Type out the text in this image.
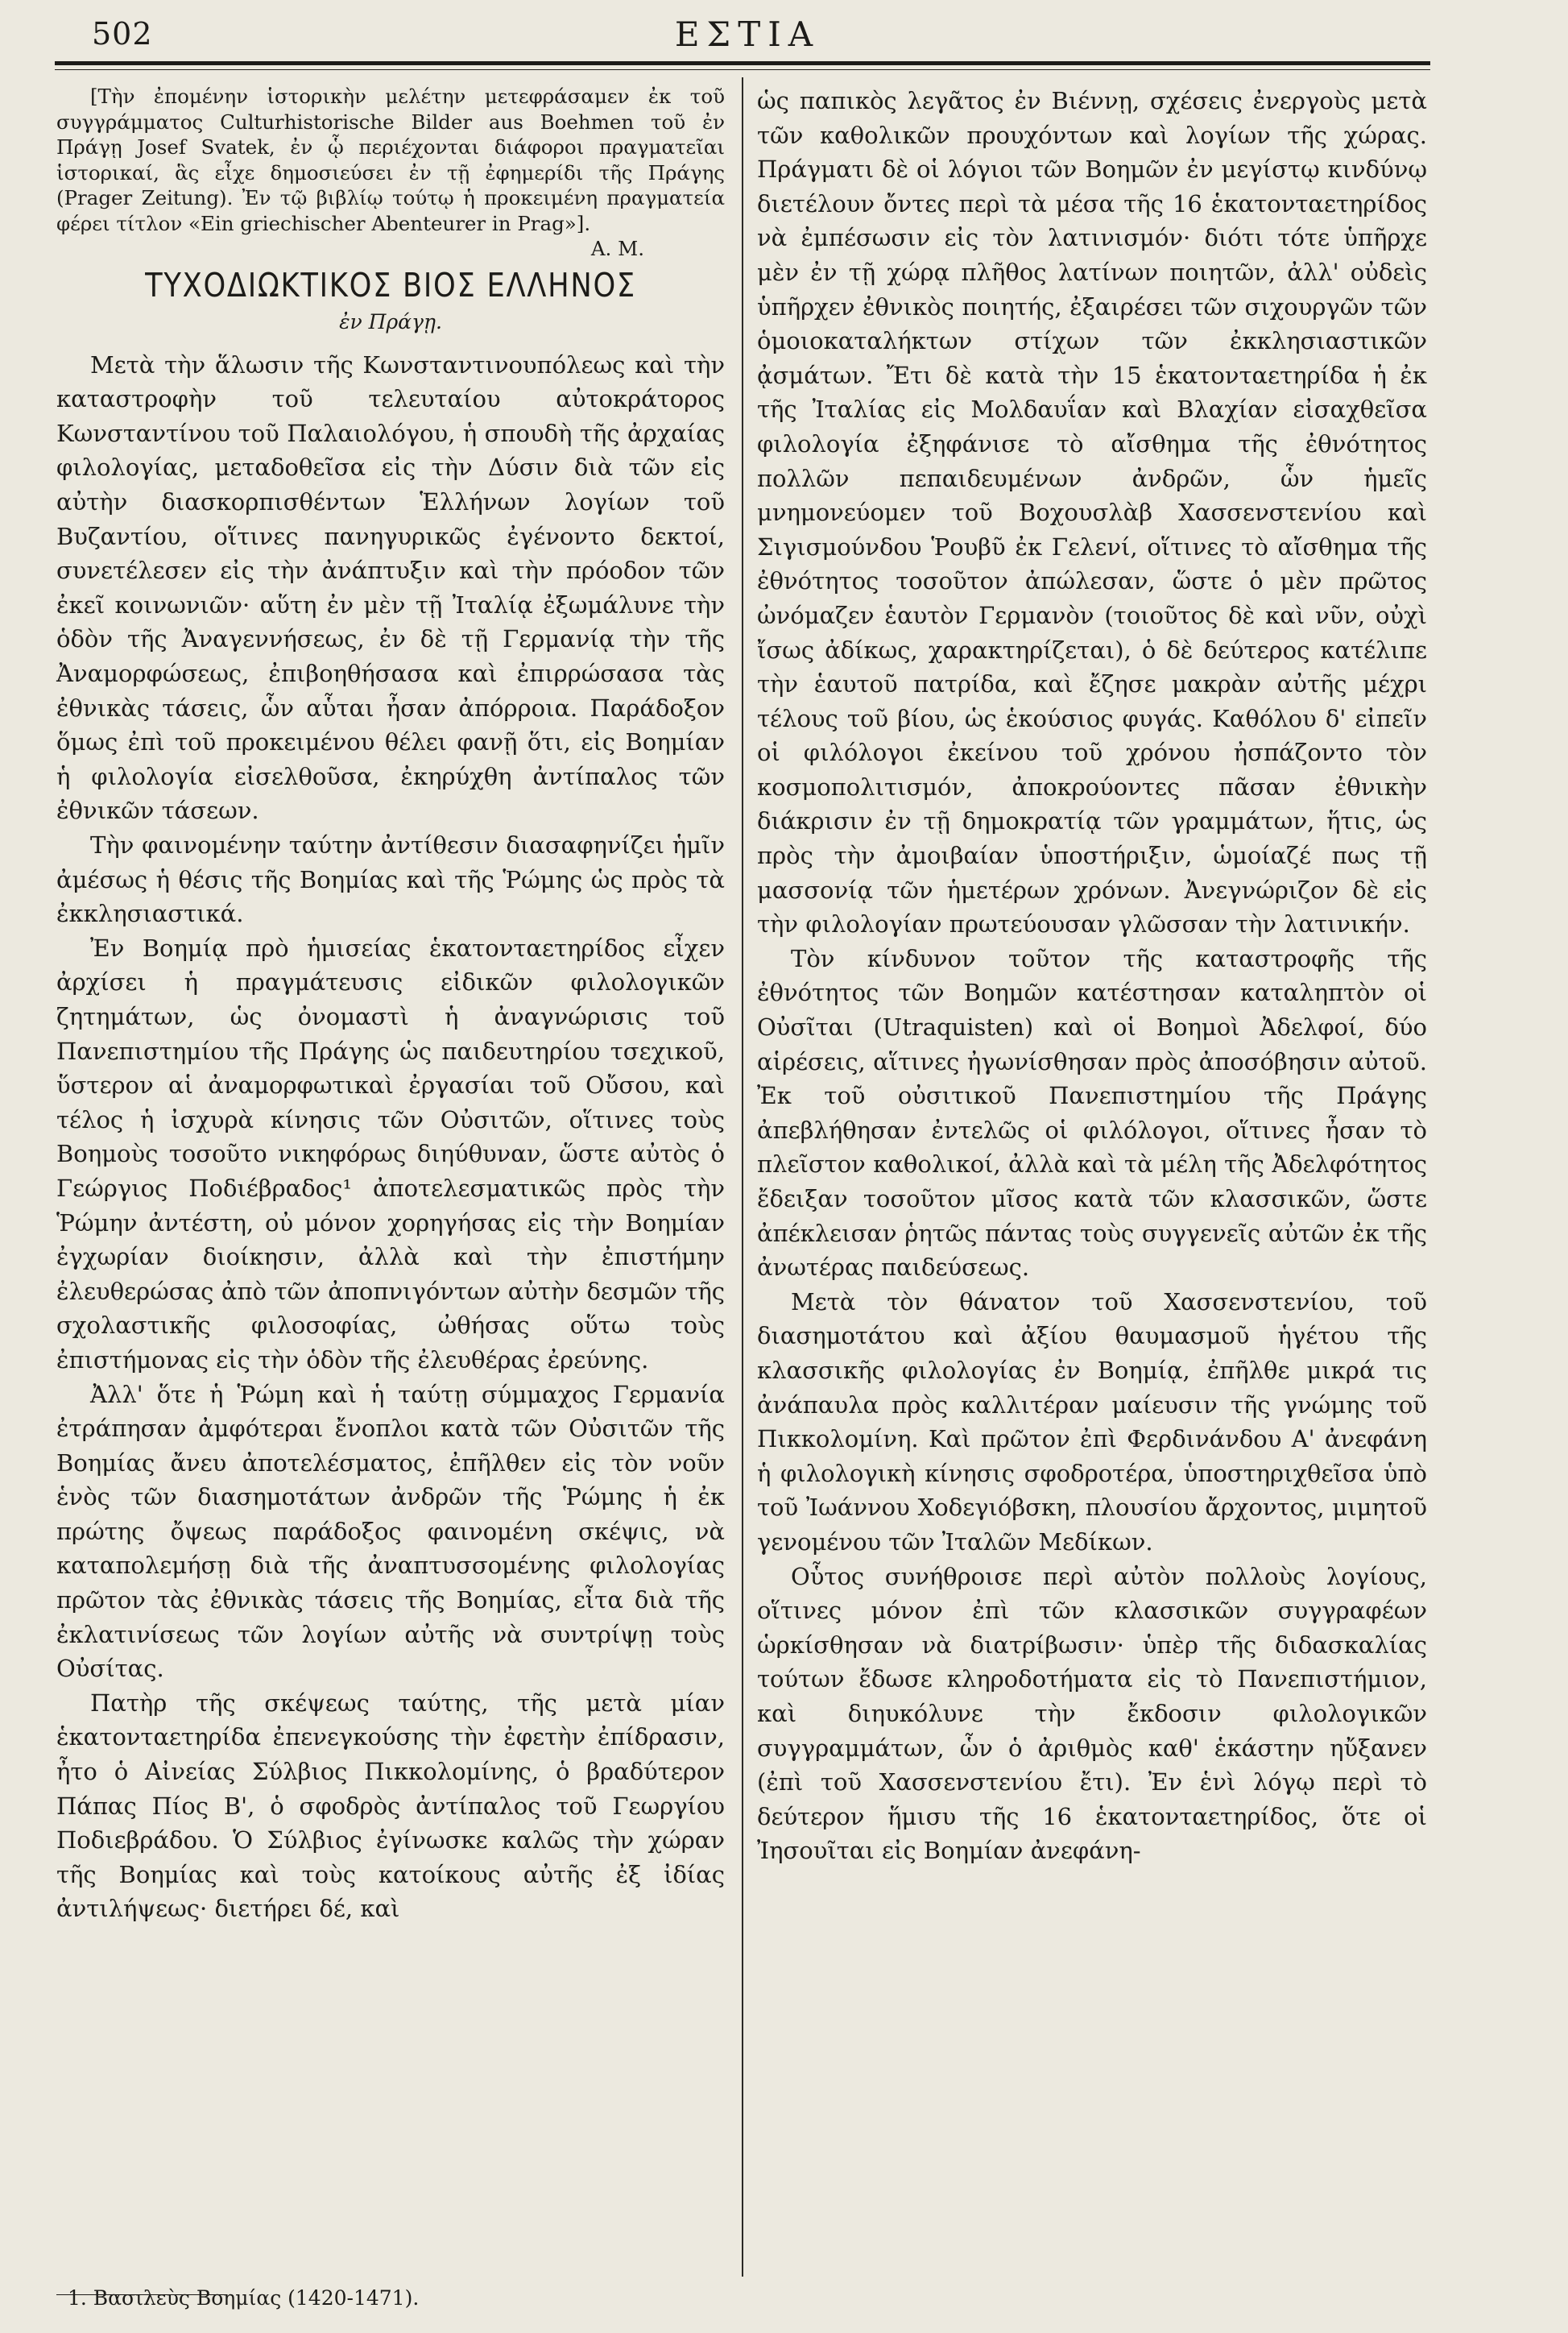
502	ΕΣΤΙΑ

[Τὴν ἐπομένην ἱστορικὴν μελέτην μετεφράσαμεν ἐκ τοῦ συγγράμματος Culturhistorische Bilder aus Boehmen τοῦ ἐν Πράγῃ Josef Svatek, ἐν ᾧ περιέχονται διάφοροι πραγματεῖαι ἱστορικαί, ἃς εἶχε δημοσιεύσει ἐν τῇ ἐφημερίδι τῆς Πράγης (Prager Zeitung). Ἐν τῷ βιβλίῳ τούτῳ ἡ προκειμένη πραγματεία φέρει τίτλον «Ein griechischer Abenteurer in Prag»].
Α. Μ.

ΤΥΧΟΔΙΩΚΤΙΚΟΣ ΒΙΟΣ ΕΛΛΗΝΟΣ
ἐν Πράγῃ.

Μετὰ τὴν ἅλωσιν τῆς Κωνσταντινουπόλεως καὶ τὴν καταστροφὴν τοῦ τελευταίου αὐτοκράτορος Κωνσταντίνου τοῦ Παλαιολόγου, ἡ σπουδὴ τῆς ἀρχαίας φιλολογίας, μεταδοθεῖσα εἰς τὴν Δύσιν διὰ τῶν εἰς αὐτὴν διασκορπισθέντων Ἑλλήνων λογίων τοῦ Βυζαντίου, οἵτινες πανηγυρικῶς ἐγένοντο δεκτοί, συνετέλεσεν εἰς τὴν ἀνάπτυξιν καὶ τὴν πρόοδον τῶν ἐκεῖ κοινωνιῶν· αὕτη ἐν μὲν τῇ Ἰταλίᾳ ἐξωμάλυνε τὴν ὁδὸν τῆς Ἀναγεννήσεως, ἐν δὲ τῇ Γερμανίᾳ τὴν τῆς Ἀναμορφώσεως, ἐπιβοηθήσασα καὶ ἐπιρρώσασα τὰς ἐθνικὰς τάσεις, ὧν αὗται ἦσαν ἀπόρροια. Παράδοξον ὅμως ἐπὶ τοῦ προκειμένου θέλει φανῇ ὅτι, εἰς Βοημίαν ἡ φιλολογία εἰσελθοῦσα, ἐκηρύχθη ἀντίπαλος τῶν ἐθνικῶν τάσεων.

Τὴν φαινομένην ταύτην ἀντίθεσιν διασαφηνίζει ἡμῖν ἀμέσως ἡ θέσις τῆς Βοημίας καὶ τῆς Ῥώμης ὡς πρὸς τὰ ἐκκλησιαστικά.

Ἐν Βοημίᾳ πρὸ ἡμισείας ἑκατονταετηρίδος εἶχεν ἀρχίσει ἡ πραγμάτευσις εἰδικῶν φιλολογικῶν ζητημάτων, ὡς ὀνομαστὶ ἡ ἀναγνώρισις τοῦ Πανεπιστημίου τῆς Πράγης ὡς παιδευτηρίου τσεχικοῦ, ὕστερον αἱ ἀναμορφωτικαὶ ἐργασίαι τοῦ Οὔσου, καὶ τέλος ἡ ἰσχυρὰ κίνησις τῶν Οὐσιτῶν, οἵτινες τοὺς Βοημοὺς τοσοῦτο νικηφόρως διηύθυναν, ὥστε αὐτὸς ὁ Γεώργιος Ποδιέβραδος¹ ἀποτελεσματικῶς πρὸς τὴν Ῥώμην ἀντέστη, οὐ μόνον χορηγήσας εἰς τὴν Βοημίαν ἐγχωρίαν διοίκησιν, ἀλλὰ καὶ τὴν ἐπιστήμην ἐλευθερώσας ἀπὸ τῶν ἀποπνιγόντων αὐτὴν δεσμῶν τῆς σχολαστικῆς φιλοσοφίας, ὠθήσας οὕτω τοὺς ἐπιστήμονας εἰς τὴν ὁδὸν τῆς ἐλευθέρας ἐρεύνης.

Ἀλλ' ὅτε ἡ Ῥώμη καὶ ἡ ταύτῃ σύμμαχος Γερμανία ἐτράπησαν ἀμφότεραι ἔνοπλοι κατὰ τῶν Οὐσιτῶν τῆς Βοημίας ἄνευ ἀποτελέσματος, ἐπῆλθεν εἰς τὸν νοῦν ἑνὸς τῶν διασημοτάτων ἀνδρῶν τῆς Ῥώμης ἡ ἐκ πρώτης ὄψεως παράδοξος φαινομένη σκέψις, νὰ καταπολεμήσῃ διὰ τῆς ἀναπτυσσομένης φιλολογίας πρῶτον τὰς ἐθνικὰς τάσεις τῆς Βοημίας, εἶτα διὰ τῆς ἐκλατινίσεως τῶν λογίων αὐτῆς νὰ συντρίψῃ τοὺς Οὐσίτας.

Πατὴρ τῆς σκέψεως ταύτης, τῆς μετὰ μίαν ἑκατονταετηρίδα ἐπενεγκούσης τὴν ἐφετὴν ἐπίδρασιν, ἦτο ὁ Αἰνείας Σύλβιος Πικκολομίνης, ὁ βραδύτερον Πάπας Πίος Β', ὁ σφοδρὸς ἀντίπαλος τοῦ Γεωργίου Ποδιεβράδου. Ὁ Σύλβιος ἐγίνωσκε καλῶς τὴν χώραν τῆς Βοημίας καὶ τοὺς κατοίκους αὐτῆς ἐξ ἰδίας ἀντιλήψεως· διετήρει δέ, καὶ

1. Βασιλεὺς Βοημίας (1420-1471).

ὡς παπικὸς λεγᾶτος ἐν Βιέννῃ, σχέσεις ἐνεργοὺς μετὰ τῶν καθολικῶν προυχόντων καὶ λογίων τῆς χώρας. Πράγματι δὲ οἱ λόγιοι τῶν Βοημῶν ἐν μεγίστῳ κινδύνῳ διετέλουν ὄντες περὶ τὰ μέσα τῆς 16 ἑκατονταετηρίδος νὰ ἐμπέσωσιν εἰς τὸν λατινισμόν· διότι τότε ὑπῆρχε μὲν ἐν τῇ χώρᾳ πλῆθος λατίνων ποιητῶν, ἀλλ' οὐδεὶς ὑπῆρχεν ἐθνικὸς ποιητής, ἐξαιρέσει τῶν σιχουργῶν τῶν ὁμοιοκαταλήκτων στίχων τῶν ἐκκλησιαστικῶν ᾀσμάτων. Ἔτι δὲ κατὰ τὴν 15 ἑκατονταετηρίδα ἡ ἐκ τῆς Ἰταλίας εἰς Μολδαυΐαν καὶ Βλαχίαν εἰσαχθεῖσα φιλολογία ἐξηφάνισε τὸ αἴσθημα τῆς ἐθνότητος πολλῶν πεπαιδευμένων ἀνδρῶν, ὧν ἡμεῖς μνημονεύομεν τοῦ Βοχουσλὰβ Χασσενστενίου καὶ Σιγισμούνδου Ῥουβῦ ἐκ Γελενί, οἵτινες τὸ αἴσθημα τῆς ἐθνότητος τοσοῦτον ἀπώλεσαν, ὥστε ὁ μὲν πρῶτος ὠνόμαζεν ἑαυτὸν Γερμανὸν (τοιοῦτος δὲ καὶ νῦν, οὐχὶ ἴσως ἀδίκως, χαρακτηρίζεται), ὁ δὲ δεύτερος κατέλιπε τὴν ἑαυτοῦ πατρίδα, καὶ ἔζησε μακρὰν αὐτῆς μέχρι τέλους τοῦ βίου, ὡς ἑκούσιος φυγάς. Καθόλου δ' εἰπεῖν οἱ φιλόλογοι ἐκείνου τοῦ χρόνου ἠσπάζοντο τὸν κοσμοπολιτισμόν, ἀποκρούοντες πᾶσαν ἐθνικὴν διάκρισιν ἐν τῇ δημοκρατίᾳ τῶν γραμμάτων, ἥτις, ὡς πρὸς τὴν ἀμοιβαίαν ὑποστήριξιν, ὡμοίαζέ πως τῇ μασσονίᾳ τῶν ἡμετέρων χρόνων. Ἀνεγνώριζον δὲ εἰς τὴν φιλολογίαν πρωτεύουσαν γλῶσσαν τὴν λατινικήν.

Τὸν κίνδυνον τοῦτον τῆς καταστροφῆς τῆς ἐθνότητος τῶν Βοημῶν κατέστησαν καταληπτὸν οἱ Οὐσῖται (Utraquisten) καὶ οἱ Βοημοὶ Ἀδελφοί, δύο αἱρέσεις, αἵτινες ἠγωνίσθησαν πρὸς ἀποσόβησιν αὐτοῦ. Ἐκ τοῦ οὐσιτικοῦ Πανεπιστημίου τῆς Πράγης ἀπεβλήθησαν ἐντελῶς οἱ φιλόλογοι, οἵτινες ἦσαν τὸ πλεῖστον καθολικοί, ἀλλὰ καὶ τὰ μέλη τῆς Ἀδελφότητος ἔδειξαν τοσοῦτον μῖσος κατὰ τῶν κλασσικῶν, ὥστε ἀπέκλεισαν ῥητῶς πάντας τοὺς συγγενεῖς αὐτῶν ἐκ τῆς ἀνωτέρας παιδεύσεως.

Μετὰ τὸν θάνατον τοῦ Χασσενστενίου, τοῦ διασημοτάτου καὶ ἀξίου θαυμασμοῦ ἡγέτου τῆς κλασσικῆς φιλολογίας ἐν Βοημίᾳ, ἐπῆλθε μικρά τις ἀνάπαυλα πρὸς καλλιτέραν μαίευσιν τῆς γνώμης τοῦ Πικκολομίνη. Καὶ πρῶτον ἐπὶ Φερδινάνδου Α' ἀνεφάνη ἡ φιλολογικὴ κίνησις σφοδροτέρα, ὑποστηριχθεῖσα ὑπὸ τοῦ Ἰωάννου Χοδεγιόβσκη, πλουσίου ἄρχοντος, μιμητοῦ γενομένου τῶν Ἰταλῶν Μεδίκων.

Οὗτος συνήθροισε περὶ αὐτὸν πολλοὺς λογίους, οἵτινες μόνον ἐπὶ τῶν κλασσικῶν συγγραφέων ὡρκίσθησαν νὰ διατρίβωσιν· ὑπὲρ τῆς διδασκαλίας τούτων ἔδωσε κληροδοτήματα εἰς τὸ Πανεπιστήμιον, καὶ διηυκόλυνε τὴν ἔκδοσιν φιλολογικῶν συγγραμμάτων, ὧν ὁ ἀριθμὸς καθ' ἑκάστην ηὔξανεν (ἐπὶ τοῦ Χασσενστενίου ἔτι). Ἐν ἑνὶ λόγῳ περὶ τὸ δεύτερον ἥμισυ τῆς 16 ἑκατονταετηρίδος, ὅτε οἱ Ἰησουῖται εἰς Βοημίαν ἀνεφάνη-
